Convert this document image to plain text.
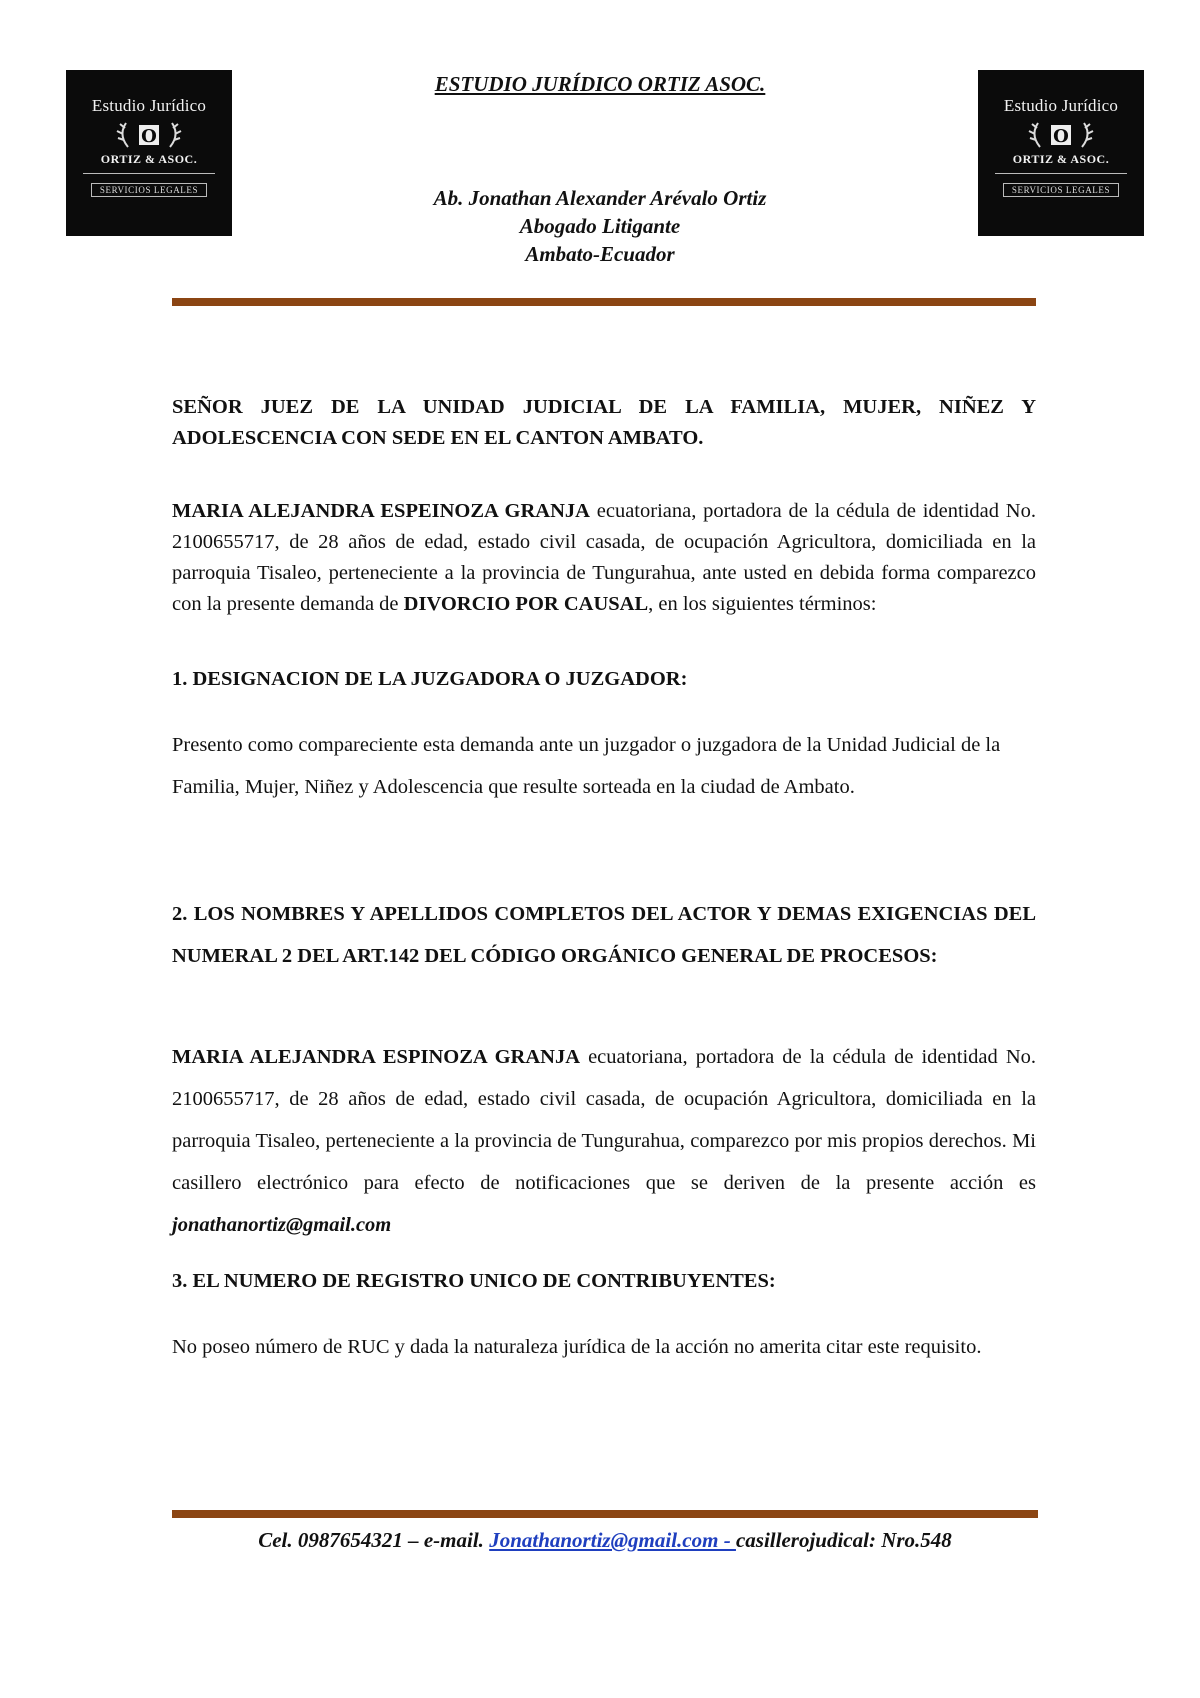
Estudio Jurídico
O
ORTIZ & ASOC.
SERVICIOS LEGALES
Estudio Jurídico
O
ORTIZ & ASOC.
SERVICIOS LEGALES
ESTUDIO JURÍDICO ORTIZ ASOC.
Ab. Jonathan Alexander Arévalo Ortiz
Abogado Litigante
Ambato-Ecuador
SEÑOR JUEZ DE LA UNIDAD JUDICIAL DE LA FAMILIA, MUJER, NIÑEZ Y ADOLESCENCIA CON SEDE EN EL CANTON AMBATO.
MARIA ALEJANDRA ESPEINOZA GRANJA ecuatoriana, portadora de la cédula de identidad No. 2100655717, de 28 años de edad, estado civil casada, de ocupación Agricultora, domiciliada en la parroquia Tisaleo, perteneciente a la provincia de Tungurahua, ante usted en debida forma comparezco con la presente demanda de DIVORCIO POR CAUSAL, en los siguientes términos:
1. DESIGNACION DE LA JUZGADORA O JUZGADOR:
Presento como compareciente esta demanda ante un juzgador o juzgadora de la Unidad Judicial de la Familia, Mujer, Niñez y Adolescencia que resulte sorteada en la ciudad de Ambato.
2. LOS NOMBRES Y APELLIDOS COMPLETOS DEL ACTOR Y DEMAS EXIGENCIAS DEL NUMERAL 2 DEL ART.142 DEL CÓDIGO ORGÁNICO GENERAL DE PROCESOS:
MARIA ALEJANDRA ESPINOZA GRANJA ecuatoriana, portadora de la cédula de identidad No. 2100655717, de 28 años de edad, estado civil casada, de ocupación Agricultora, domiciliada en la parroquia Tisaleo, perteneciente a la provincia de Tungurahua, comparezco por mis propios derechos. Mi casillero electrónico para efecto de notificaciones que se deriven de la presente acción es jonathanortiz@gmail.com
3. EL NUMERO DE REGISTRO UNICO DE CONTRIBUYENTES:
No poseo número de RUC y dada la naturaleza jurídica de la acción no amerita citar este requisito.
Cel. 0987654321 – e-mail. Jonathanortiz@gmail.com - casillerojudical: Nro.548
